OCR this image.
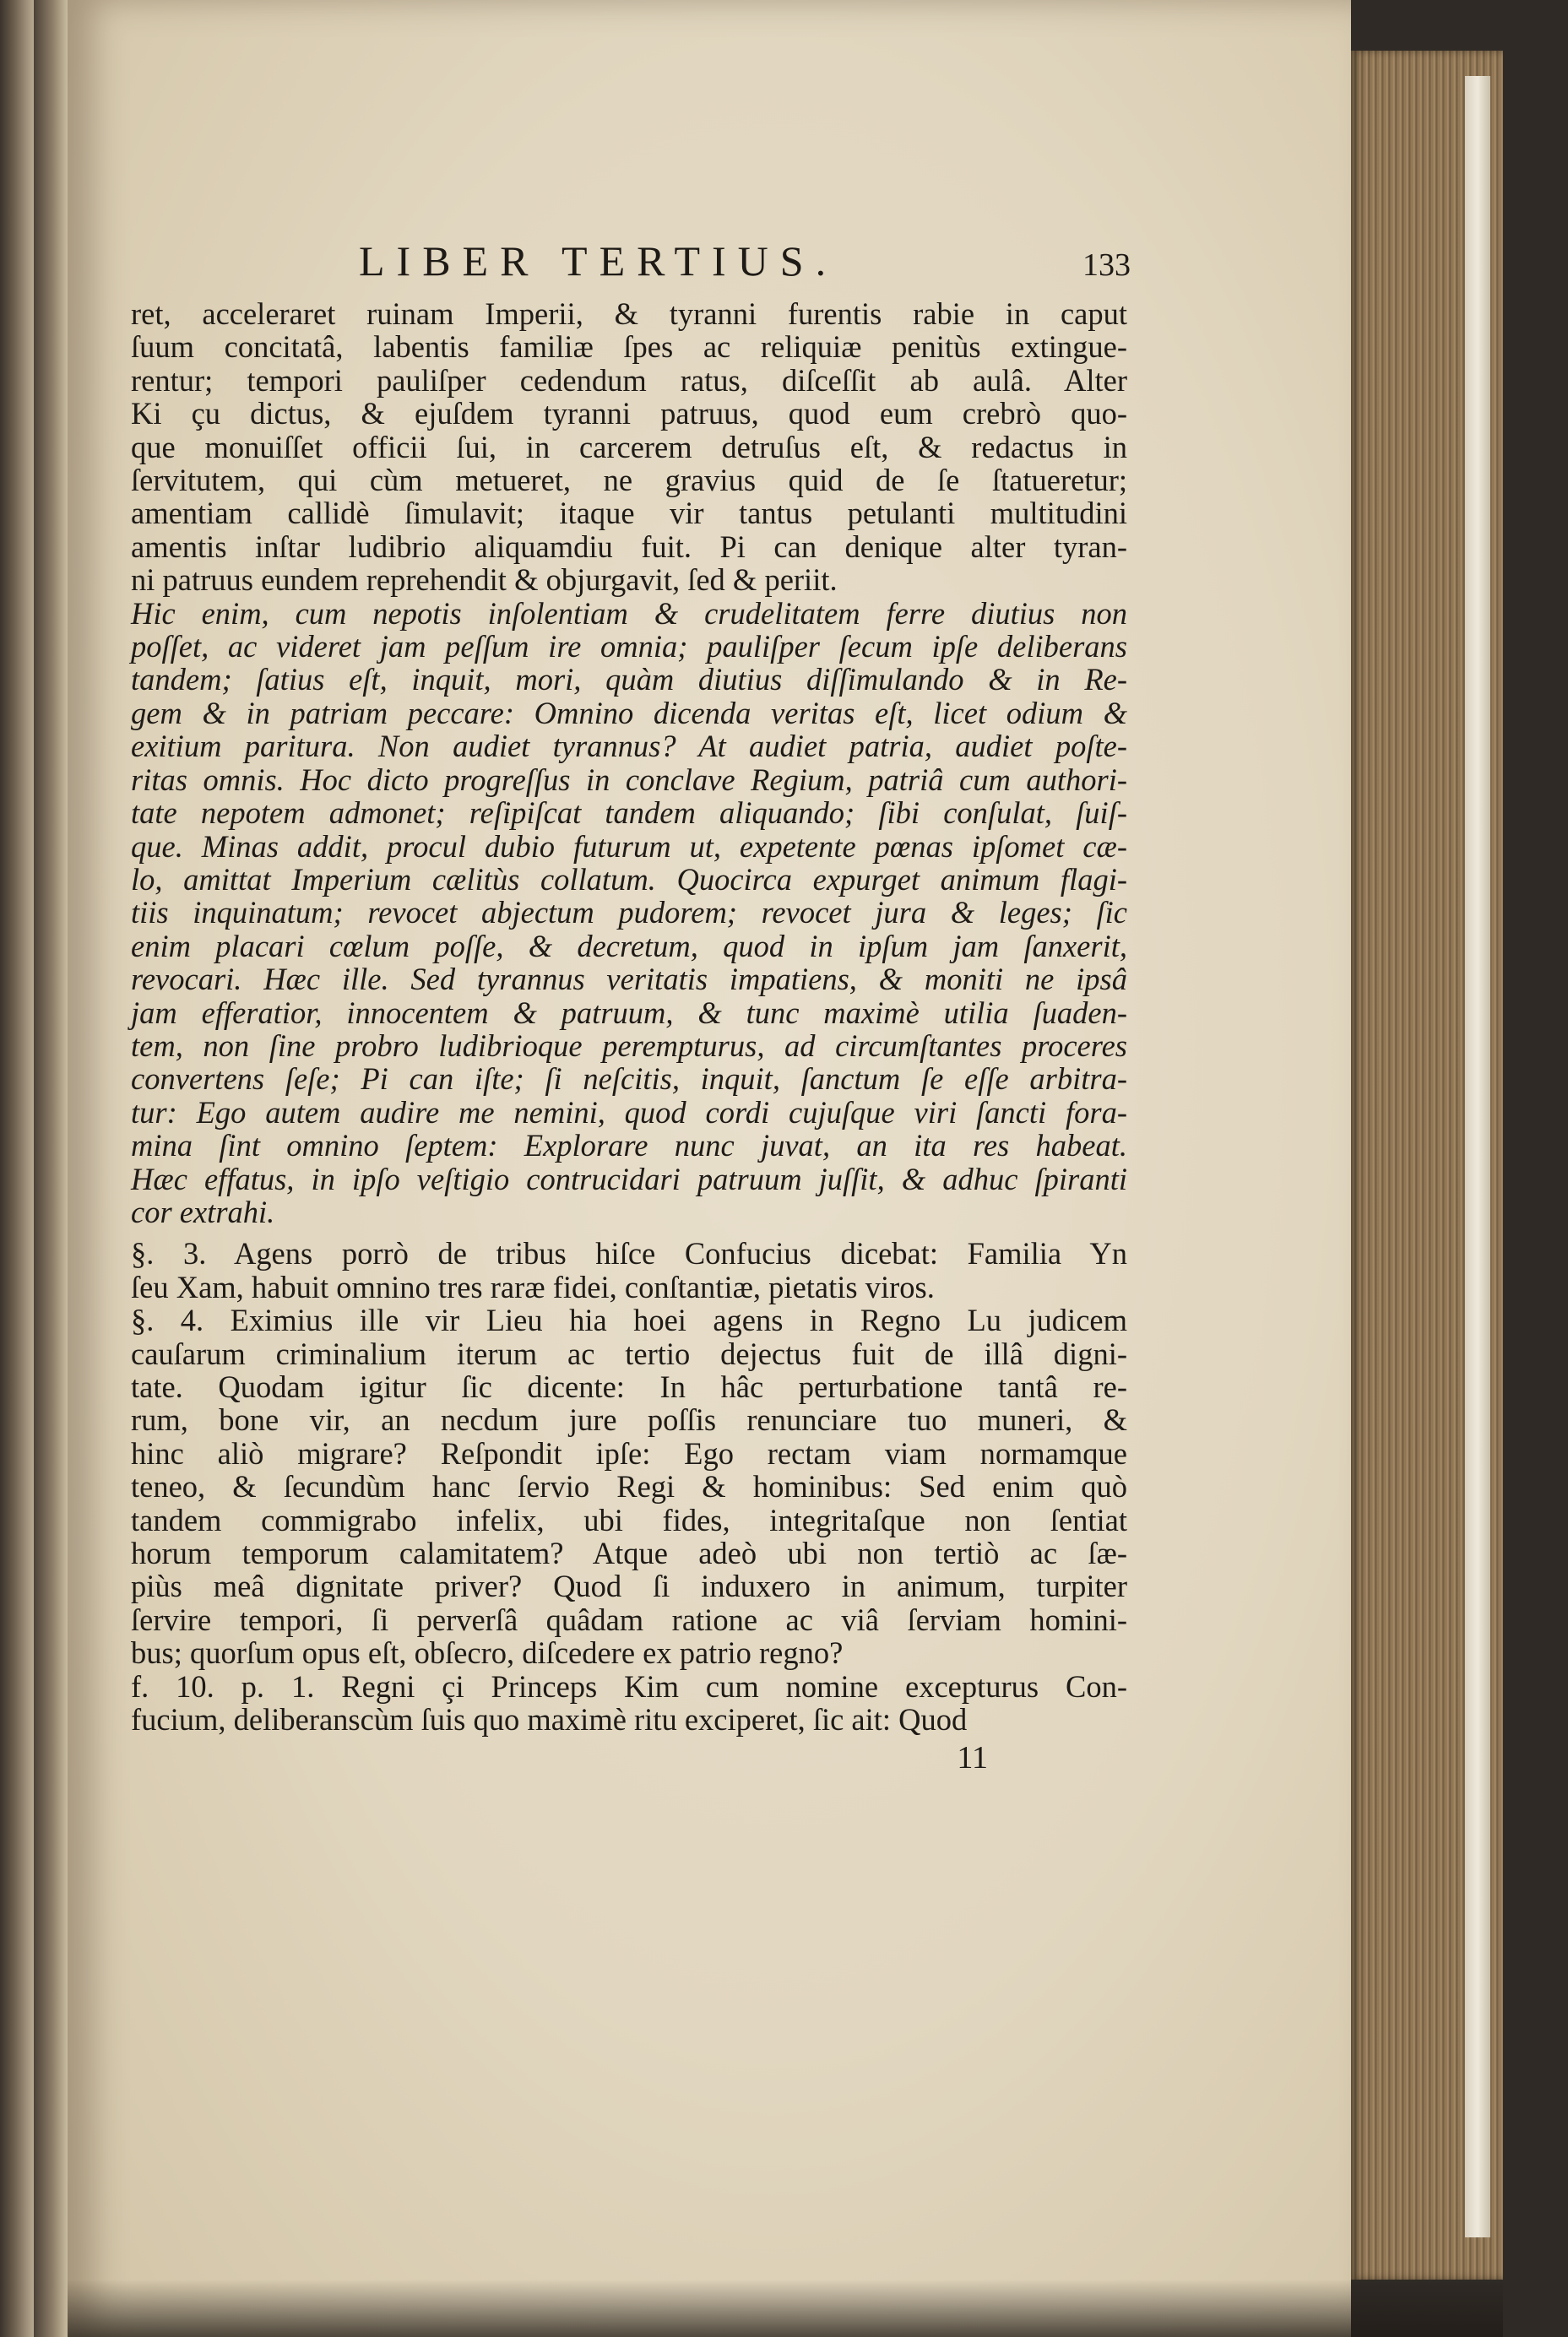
LIBER TERTIUS.	133
ret, acceleraret ruinam Imperii, & tyranni furentis rabie in caput
ſuum concitatâ, labentis familiæ ſpes ac reliquiæ penitùs extingue-
rentur; tempori pauliſper cedendum ratus, diſceſſit ab aulâ. Alter
Ki çu dictus, & ejuſdem tyranni patruus, quod eum crebrò quo-
que monuiſſet officii ſui, in carcerem detruſus eſt, & redactus in
ſervitutem, qui cùm metueret, ne gravius quid de ſe ſtatueretur;
amentiam callidè ſimulavit; itaque vir tantus petulanti multitudini
amentis inſtar ludibrio aliquamdiu fuit. Pi can denique alter tyran-
ni patruus eundem reprehendit & objurgavit, ſed & periit.
Hic enim, cum nepotis inſolentiam & crudelitatem ferre diutius non
poſſet, ac videret jam peſſum ire omnia; pauliſper ſecum ipſe deliberans
tandem; ſatius eſt, inquit, mori, quàm diutius diſſimulando & in Re-
gem & in patriam peccare: Omnino dicenda veritas eſt, licet odium &
exitium paritura. Non audiet tyrannus? At audiet patria, audiet poſte-
ritas omnis. Hoc dicto progreſſus in conclave Regium, patriâ cum authori-
tate nepotem admonet; reſipiſcat tandem aliquando; ſibi conſulat, ſuiſ-
que. Minas addit, procul dubio futurum ut, expetente pœnas ipſomet cæ-
lo, amittat Imperium cælitùs collatum. Quocirca expurget animum flagi-
tiis inquinatum; revocet abjectum pudorem; revocet jura & leges; ſic
enim placari cœlum poſſe, & decretum, quod in ipſum jam ſanxerit,
revocari. Hæc ille. Sed tyrannus veritatis impatiens, & moniti ne ipsâ
jam efferatior, innocentem & patruum, & tunc maximè utilia ſuaden-
tem, non ſine probro ludibrioque peremptur͏us, ad circumſtantes proceres
convertens ſeſe; Pi can iſte; ſi neſcitis, inquit, ſanctum ſe eſſe arbitra-
tur: Ego autem audire me nemini, quod cordi cujuſque viri ſancti fora-
mina ſint omnino ſeptem: Explorare nunc juvat, an ita res habeat.
Hæc effatus, in ipſo veſtigio contrucidari patruum juſſit, & adhuc ſpiranti
cor extrahi.
§. 3. Agens porrò de tribus hiſce Confucius dicebat: Familia Yn
ſeu Xam, habuit omnino tres raræ fidei, conſtantiæ, pietatis viros.
§. 4. Eximius ille vir Lieu hia hoei agens in Regno Lu judicem
cauſarum criminalium iterum ac tertio dejectus fuit de illâ digni-
tate. Quodam igitur ſic dicente: In hâc perturbatione tantâ re-
rum, bone vir, an necdum jure poſſis renunciare tuo muneri, &
hinc aliò migrare? Reſpondit ipſe: Ego rectam viam normamque
teneo, & ſecundùm hanc ſervio Regi & hominibus: Sed enim quò
tandem commigrabo infelix, ubi fides, integritaſque non ſentiat
horum temporum calamitatem? Atque adeò ubi non tertiò ac ſæ-
piùs meâ dignitate priver? Quod ſi induxero in animum, turpiter
ſervire tempori, ſi perverſâ quâdam ratione ac viâ ſerviam homini-
bus; quorſum opus eſt, obſecro, diſcedere ex patrio regno?
f. 10. p. 1. Regni çi Princeps Kim cum nomine excepturus Con-
fucium, deliberanscùm ſuis quo maximè ritu exciperet, ſic ait: Quod
11
